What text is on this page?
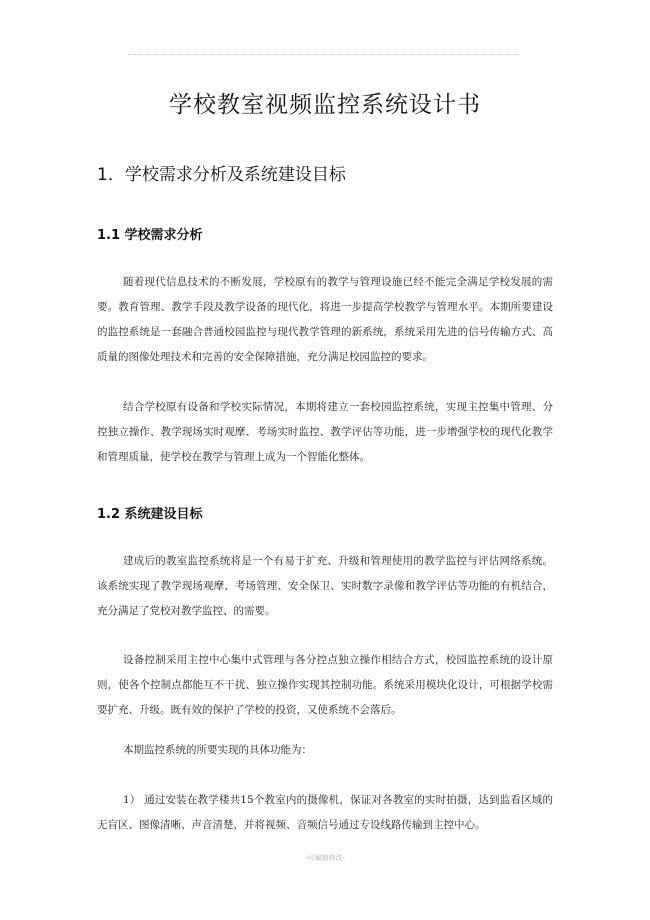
学校教室视频监控系统设计书
1．学校需求分析及系统建设目标
1.1 学校需求分析
随着现代信息技术的不断发展，学校原有的教学与管理设施已经不能完全满足学校发展的需要。教育管理、教学手段及教学设备的现代化，将进一步提高学校教学与管理水平。本期所要建设的监控系统是一套融合普通校园监控与现代教学管理的新系统，系统采用先进的信号传输方式、高质量的图像处理技术和完善的安全保障措施，充分满足校园监控的要求。
结合学校原有设备和学校实际情况，本期将建立一套校园监控系统，实现主控集中管理、分控独立操作、教学现场实时观摩、考场实时监控、教学评估等功能，进一步增强学校的现代化教学和管理质量，使学校在教学与管理上成为一个智能化整体。
1.2 系统建设目标
建成后的教室监控系统将是一个有易于扩充、升级和管理使用的教学监控与评估网络系统。该系统实现了教学现场观摩、考场管理、安全保卫、实时数字录像和教学评估等功能的有机结合，充分满足了党校对教学监控、的需要。
设备控制采用主控中心集中式管理与各分控点独立操作相结合方式，校园监控系统的设计原则，使各个控制点都能互不干扰、独立操作实现其控制功能。系统采用模块化设计，可根据学校需要扩充、升级。既有效的保护了学校的投资，又使系统不会落后。
本期监控系统的所要实现的具体功能为：
1） 通过安装在教学楼共15个教室内的摄像机，保证对各教室的实时拍摄，达到监看区域的无盲区、图像清晰、声音清楚，并将视频、音频信号通过专设线路传输到主控中心。
-可编辑修改-
